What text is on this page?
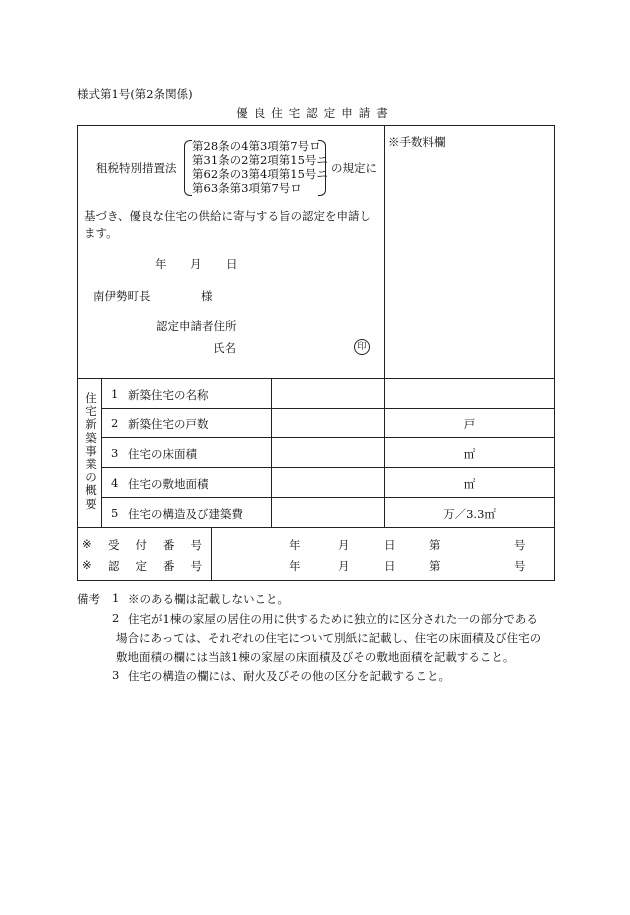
様式第1号(第2条関係)
優良住宅認定申請書
租税特別措置法
第28条の4第3項第7号ロ
第31条の2第2項第15号ニ
第62条の3第4項第15号ニ
第63条第3項第7号ロ
の規定に
※手数料欄
基づき、優良な住宅の供給に寄与する旨の認定を申請し
ます。
年 月 日
南伊勢町長	様
認定申請者住所
氏名	印
住宅新築事業の概要
1 新築住宅の名称
2 新築住宅の戸数	戸
3 住宅の床面積	㎡
4 住宅の敷地面積	㎡
5 住宅の構造及び建築費	万／3.3㎡
※ 受付番号	年	月	日	第	号
※ 認定番号	年	月	日	第	号
備考 1 ※のある欄は記載しないこと。
2 住宅が1棟の家屋の居住の用に供するために独立的に区分された一の部分である
場合にあっては、それぞれの住宅について別紙に記載し、住宅の床面積及び住宅の
敷地面積の欄には当該1棟の家屋の床面積及びその敷地面積を記載すること。
3 住宅の構造の欄には、耐火及びその他の区分を記載すること。
